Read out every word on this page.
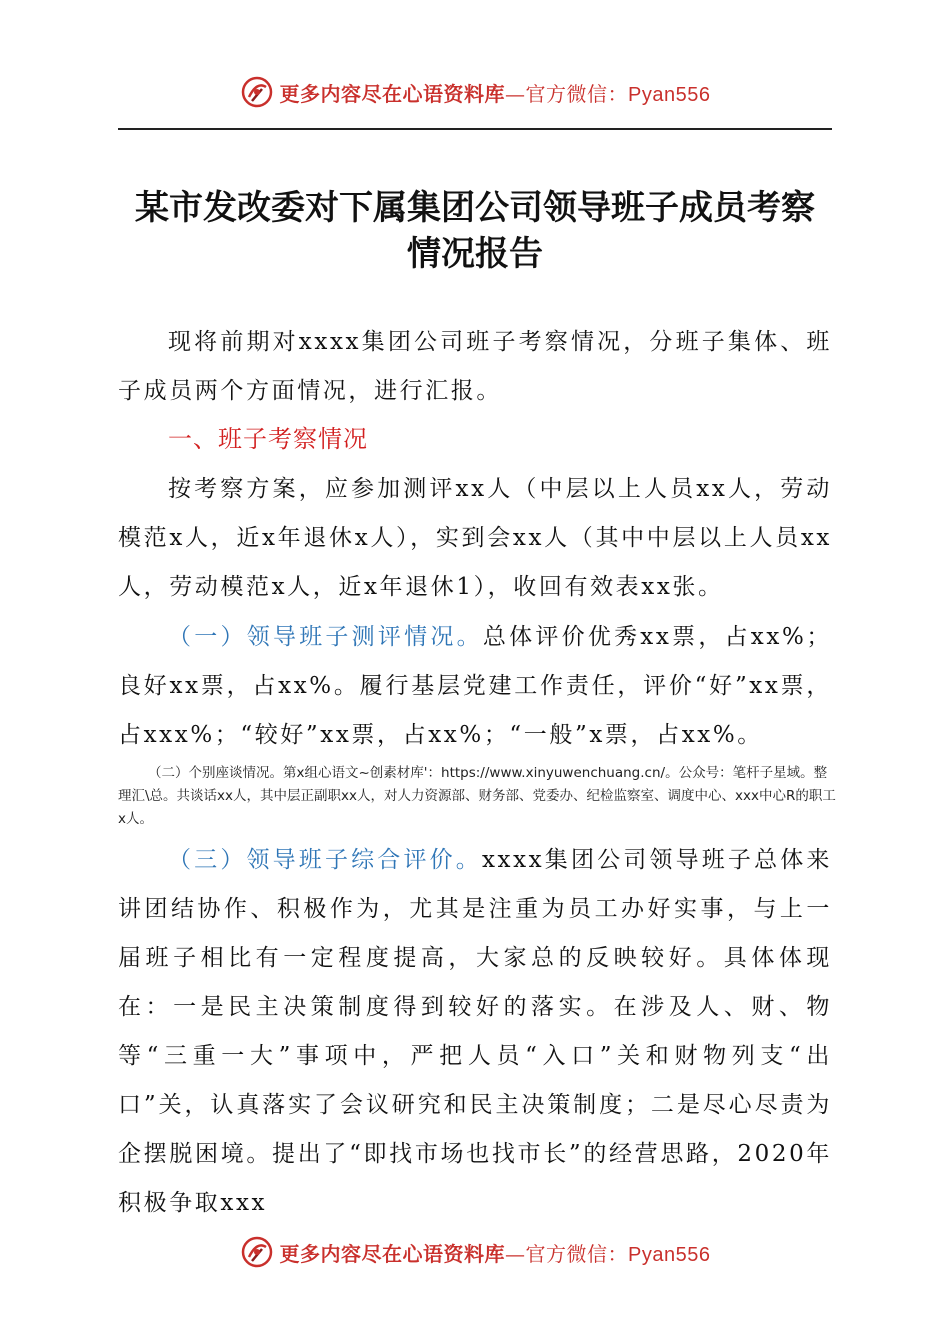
更多内容尽在心语资料库—官方微信：Pyan556
某市发改委对下属集团公司领导班子成员考察
情况报告

现将前期对xxxx集团公司班子考察情况，分班子集体、班子成员两个方面情况，进行汇报。

一、班子考察情况

按考察方案，应参加测评xx人（中层以上人员xx人，劳动模范x人，近x年退休x人），实到会xx人（其中中层以上人员xx人，劳动模范x人，近x年退休1），收回有效表xx张。

（一）领导班子测评情况。总体评价优秀xx票，占xx%；良好xx票，占xx%。履行基层党建工作责任，评价“好”xx票，占xxx%；“较好”xx票，占xx%；“一般”x票，占xx%。

（二）个别座谈情况。第x组心语文~创素材库'：https://www.xinyuwenchuang.cn/。公众号：笔杆子星域。整理汇\总。共谈话xx人，其中层正副职xx人，对人力资源部、财务部、党委办、纪检监察室、调度中心、xxx中心R的职工x人。

（三）领导班子综合评价。xxxx集团公司领导班子总体来讲团结协作、积极作为，尤其是注重为员工办好实事，与上一届班子相比有一定程度提高，大家总的反映较好。具体体现在：一是民主决策制度得到较好的落实。在涉及人、财、物等“三重一大”事项中，严把人员“入口”关和财物列支“出口”关，认真落实了会议研究和民主决策制度；二是尽心尽责为企摆脱困境。提出了“即找市场也找市长”的经营思路，2020年积极争取xxx

更多内容尽在心语资料库—官方微信：Pyan556
